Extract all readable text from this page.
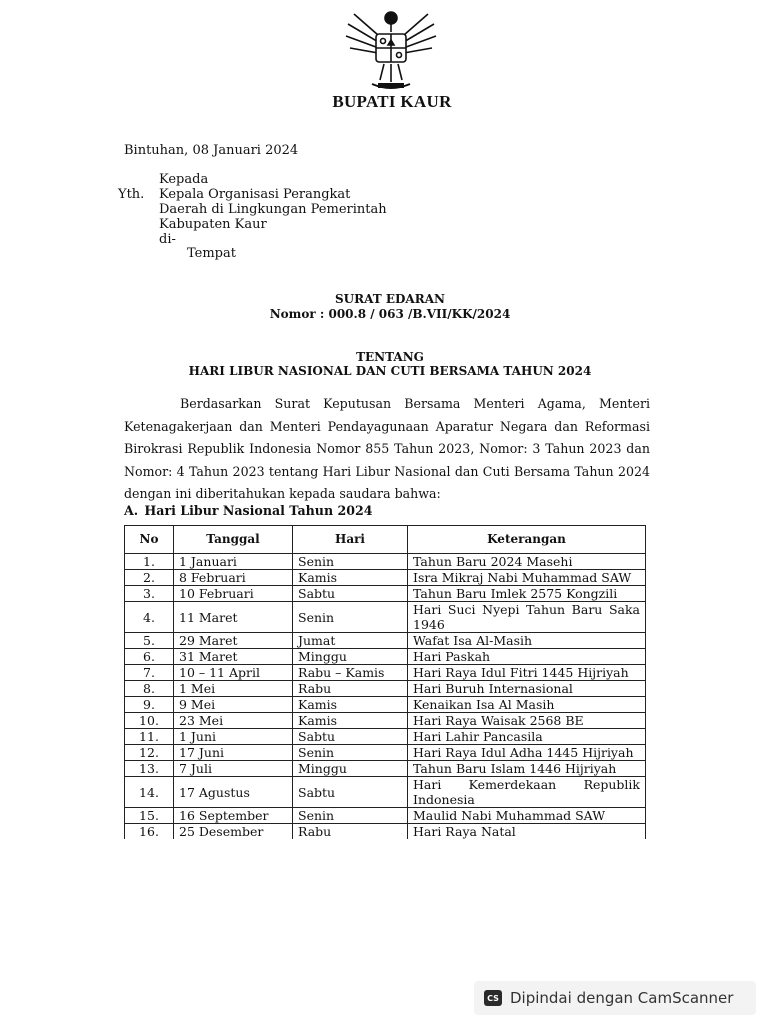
BUPATI KAUR
Bintuhan, 08 Januari 2024
Kepada
Yth. Kepala Organisasi Perangkat
Daerah di Lingkungan Pemerintah
Kabupaten Kaur
di-
Tempat
SURAT EDARAN
Nomor : 000.8 / 063 /B.VII/KK/2024
TENTANG
HARI LIBUR NASIONAL DAN CUTI BERSAMA TAHUN 2024
Berdasarkan Surat Keputusan Bersama Menteri Agama, Menteri Ketenagakerjaan dan Menteri Pendayagunaan Aparatur Negara dan Reformasi Birokrasi Republik Indonesia Nomor 855 Tahun 2023, Nomor: 3 Tahun 2023 dan Nomor: 4 Tahun 2023 tentang Hari Libur Nasional dan Cuti Bersama Tahun 2024 dengan ini diberitahukan kepada saudara bahwa:
A. Hari Libur Nasional Tahun 2024
No	Tanggal	Hari	Keterangan
1.	1 Januari	Senin	Tahun Baru 2024 Masehi
2.	8 Februari	Kamis	Isra Mikraj Nabi Muhammad SAW
3.	10 Februari	Sabtu	Tahun Baru Imlek 2575 Kongzili
4.	11 Maret	Senin	Hari Suci Nyepi Tahun Baru Saka 1946
5.	29 Maret	Jumat	Wafat Isa Al-Masih
6.	31 Maret	Minggu	Hari Paskah
7.	10 – 11 April	Rabu – Kamis	Hari Raya Idul Fitri 1445 Hijriyah
8.	1 Mei	Rabu	Hari Buruh Internasional
9.	9 Mei	Kamis	Kenaikan Isa Al Masih
10.	23 Mei	Kamis	Hari Raya Waisak 2568 BE
11.	1 Juni	Sabtu	Hari Lahir Pancasila
12.	17 Juni	Senin	Hari Raya Idul Adha 1445 Hijriyah
13.	7 Juli	Minggu	Tahun Baru Islam 1446 Hijriyah
14.	17 Agustus	Sabtu	Hari Kemerdekaan Republik Indonesia
15.	16 September	Senin	Maulid Nabi Muhammad SAW
16.	25 Desember	Rabu	Hari Raya Natal
CS Dipindai dengan CamScanner
